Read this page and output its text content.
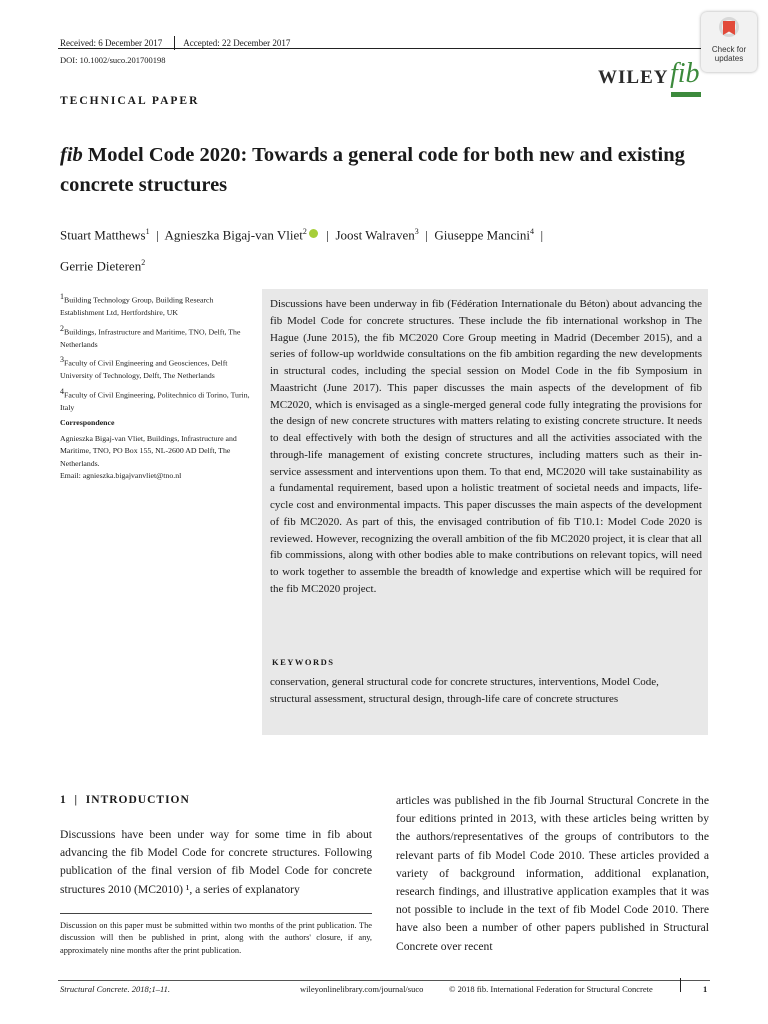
Received: 6 December 2017 Accepted: 22 December 2017
DOI: 10.1002/suco.201700198
WILEY fib
Check for
updates
TECHNICAL PAPER
fib Model Code 2020: Towards a general code for both new and existing concrete structures
Stuart Matthews$^1$  |  Agnieszka Bigaj-van Vliet$^2$  |  Joost Walraven$^3$  |  Giuseppe Mancini$^4$  |
Gerrie Dieteren$^2$

$^1$Building Technology Group, Building Research Establishment Ltd, Hertfordshire, UK

$^2$Buildings, Infrastructure and Maritime, TNO, Delft, The Netherlands

$^3$Faculty of Civil Engineering and Geosciences, Delft University of Technology, Delft, The Netherlands

$^4$Faculty of Civil Engineering, Politechnico di Torino, Turin, Italy

Correspondence

Agnieszka Bigaj-van Vliet, Buildings, Infrastructure and Maritime, TNO, PO Box 155, NL-2600 AD Delft, The Netherlands.

Email: agnieszka.bigajvanvliet@tno.nl

Discussions have been underway in fib (Fédération Internationale du Béton) about advancing the fib Model Code for concrete structures. These include the fib international workshop in The Hague (June 2015), the fib MC2020 Core Group meeting in Madrid (December 2015), and a series of follow-up worldwide consultations on the fib ambition regarding the new developments in structural codes, including the special session on Model Code in the fib Symposium in Maastricht (June 2017). This paper discusses the main aspects of the development of fib MC2020, which is envisaged as a single-merged general code fully integrating the provisions for the design of new concrete structures with matters relating to existing concrete structure. It needs to deal effectively with both the design of structures and all the activities associated with the through-life management of existing concrete structures, including matters such as their in-service assessment and interventions upon them. To that end, MC2020 will take sustainability as a fundamental requirement, based upon a holistic treatment of societal needs and impacts, life-cycle cost and environmental impacts. This paper discusses the main aspects of the development of fib MC2020. As part of this, the envisaged contribution of fib T10.1: Model Code 2020 is reviewed. However, recognizing the overall ambition of the fib MC2020 project, it is clear that all fib commissions, along with other bodies able to make contributions on relevant topics, will need to work together to assemble the breadth of knowledge and expertise which will be required for the fib MC2020 project.
KEYWORDS
conservation, general structural code for concrete structures, interventions, Model Code, structural assessment, structural design, through-life care of concrete structures
1  |  INTRODUCTION
Discussions have been under way for some time in fib about advancing the fib Model Code for concrete structures. Following publication of the final version of fib Model Code for concrete structures 2010 (MC2010) ¹, a series of explanatory
articles was published in the fib Journal Structural Concrete in the four editions printed in 2013, with these articles being written by the authors/representatives of the groups of contributors to the relevant parts of fib Model Code 2010. These articles provided a variety of background information, additional explanation, research findings, and illustrative application examples that it was not possible to include in the text of fib Model Code 2010. There have also been a number of other papers published in Structural Concrete over recent
Discussion on this paper must be submitted within two months of the print publication. The discussion will then be published in print, along with the authors' closure, if any, approximately nine months after the print publication.
Structural Concrete. 2018;1–11.	wileyonlinelibrary.com/journal/suco	© 2018 fib. International Federation for Structural Concrete	1
